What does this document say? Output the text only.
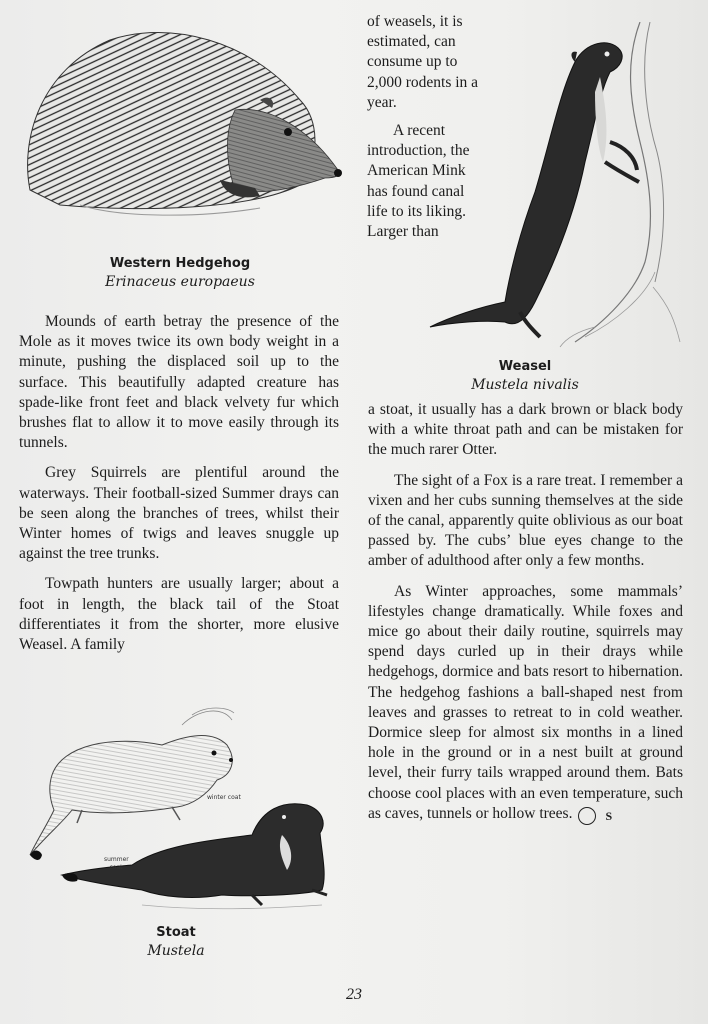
Western Hedgehog
Erinaceus europaeus

of weasels, it is estimated, can consume up to 2,000 rodents in a year.

A recent introduction, the American Mink has found canal life to its liking. Larger than

Weasel
Mustela nivalis

Mounds of earth betray the presence of the Mole as it moves twice its own body weight in a minute, pushing the displaced soil up to the surface. This beautifully adapted creature has spade-like front feet and black velvety fur which brushes flat to allow it to move easily through its tunnels.

Grey Squirrels are plentiful around the waterways. Their football-sized Summer drays can be seen along the branches of trees, whilst their Winter homes of twigs and leaves snuggle up against the tree trunks.

Towpath hunters are usually larger; about a foot in length, the black tail of the Stoat differentiates it from the shorter, more elusive Weasel. A family

a stoat, it usually has a dark brown or black body with a white throat path and can be mistaken for the much rarer Otter.

The sight of a Fox is a rare treat. I remember a vixen and her cubs sunning themselves at the side of the canal, apparently quite oblivious as our boat passed by. The cubs’ blue eyes change to the amber of adulthood after only a few months.

As Winter approaches, some mammals’ lifestyles change dramatically. While foxes and mice go about their daily routine, squirrels may spend days curled up in their drays while hedgehogs, dormice and bats resort to hibernation. The hedgehog fashions a ball-shaped nest from leaves and grasses to retreat to in cold weather. Dormice sleep for almost six months in a lined hole in the ground or in a nest built at ground level, their furry tails wrapped around them. Bats choose cool places with an even temperature, such as caves, tunnels or hollow trees.	S

winter coat
summer coat
Stoat
Mustela
23
